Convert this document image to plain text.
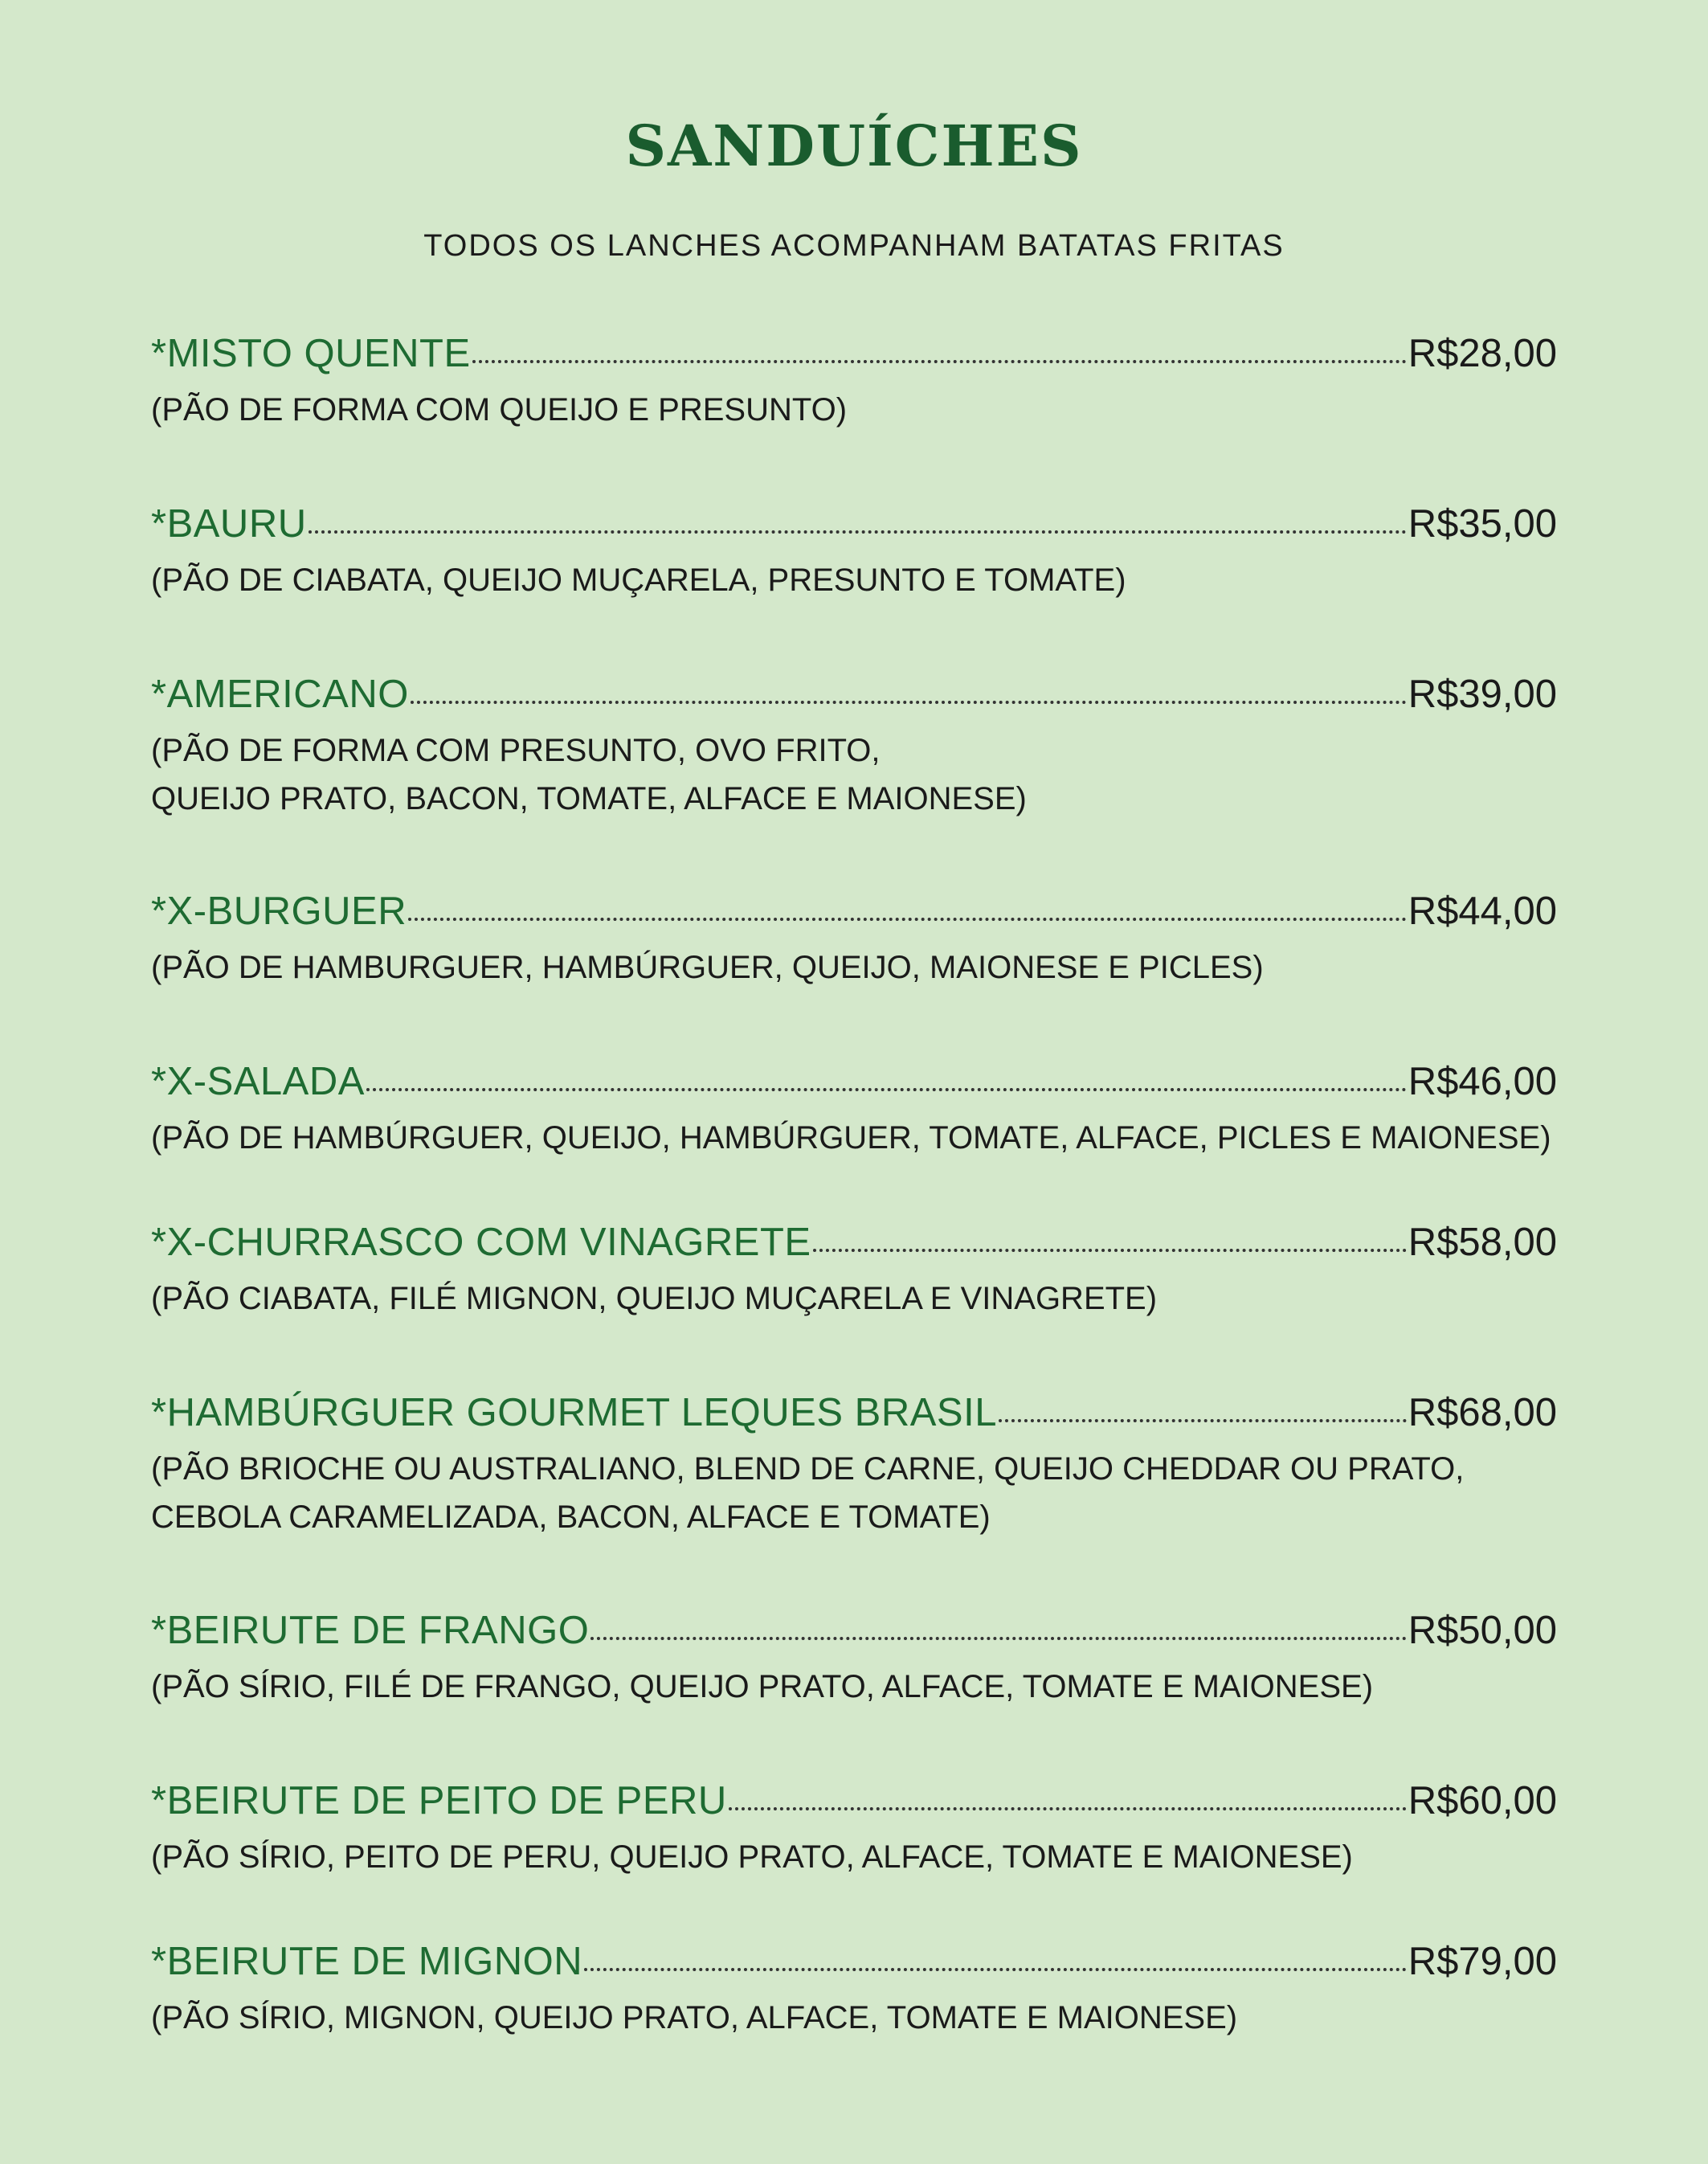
SANDUÍCHES
TODOS OS LANCHES ACOMPANHAM BATATAS FRITAS
*MISTO QUENTE	R$28,00
(PÃO DE FORMA COM QUEIJO E PRESUNTO)
*BAURU	R$35,00
(PÃO DE CIABATA, QUEIJO MUÇARELA, PRESUNTO E TOMATE)
*AMERICANO	R$39,00
(PÃO DE FORMA COM PRESUNTO, OVO FRITO,
QUEIJO PRATO, BACON, TOMATE, ALFACE E MAIONESE)
*X-BURGUER	R$44,00
(PÃO DE HAMBURGUER, HAMBÚRGUER, QUEIJO, MAIONESE E PICLES)
*X-SALADA	R$46,00
(PÃO DE HAMBÚRGUER, QUEIJO, HAMBÚRGUER, TOMATE, ALFACE, PICLES E MAIONESE)
*X-CHURRASCO COM VINAGRETE	R$58,00
(PÃO CIABATA, FILÉ MIGNON, QUEIJO MUÇARELA E VINAGRETE)
*HAMBÚRGUER GOURMET LEQUES BRASIL	R$68,00
(PÃO BRIOCHE OU AUSTRALIANO, BLEND DE CARNE, QUEIJO CHEDDAR OU PRATO,
CEBOLA CARAMELIZADA, BACON, ALFACE E TOMATE)
*BEIRUTE DE FRANGO	R$50,00
(PÃO SÍRIO, FILÉ DE FRANGO, QUEIJO PRATO, ALFACE, TOMATE E MAIONESE)
*BEIRUTE DE PEITO DE PERU	R$60,00
(PÃO SÍRIO, PEITO DE PERU, QUEIJO PRATO, ALFACE, TOMATE E MAIONESE)
*BEIRUTE DE MIGNON	R$79,00
(PÃO SÍRIO, MIGNON, QUEIJO PRATO, ALFACE, TOMATE E MAIONESE)
